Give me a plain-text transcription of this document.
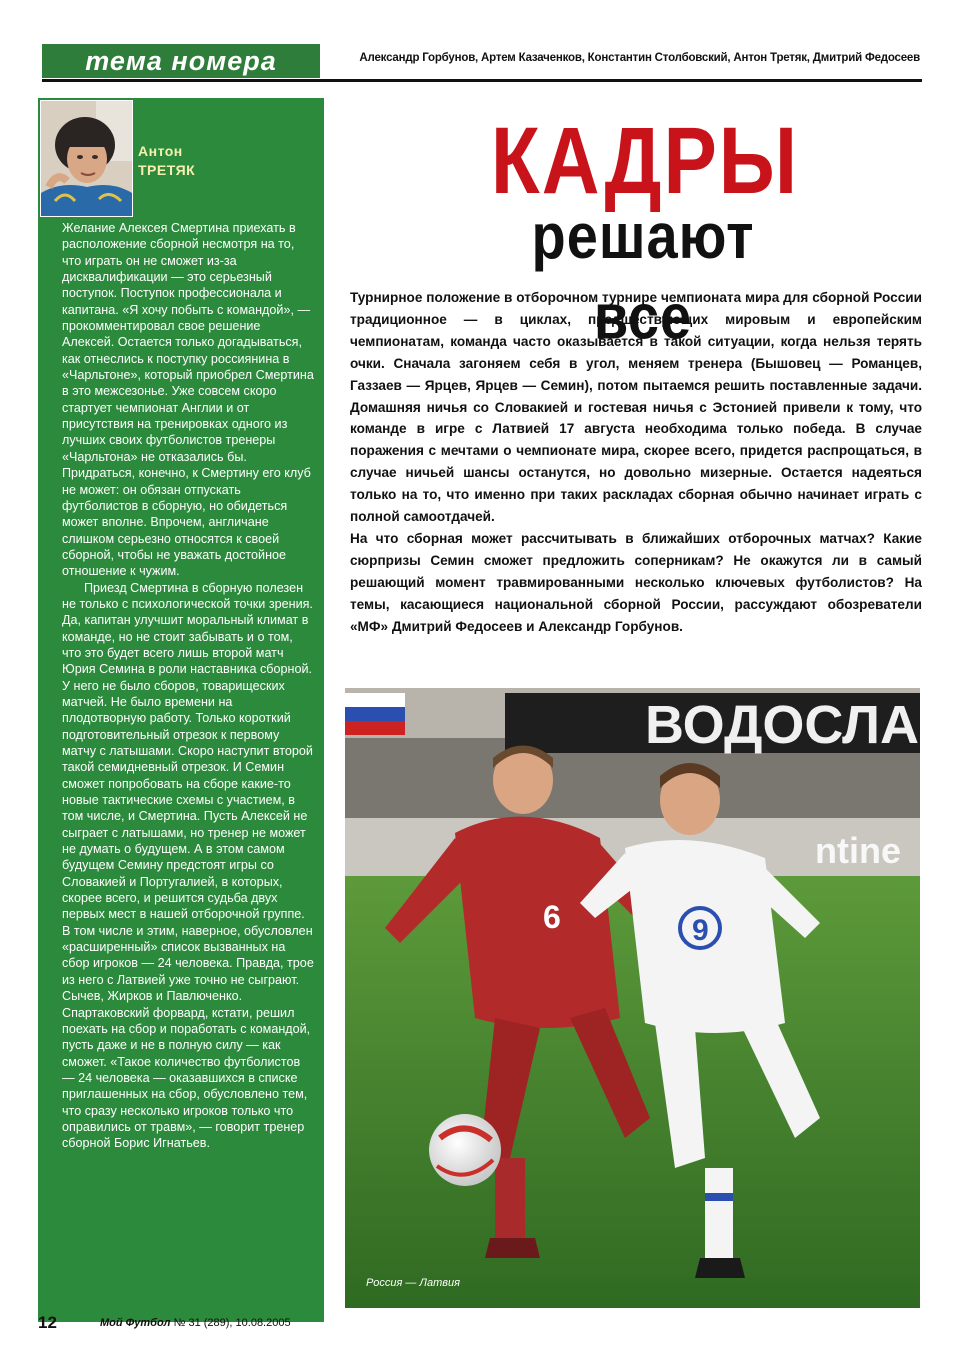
тема номера	Александр Горбунов, Артем Казаченков, Константин Столбовский, Антон Третяк, Дмитрий Федосеев
Антон
ТРЕТЯК

Желание Алексея Смертина приехать в расположение сборной несмотря на то, что играть он не сможет из-за дисквалификации — это серьезный поступок. Поступок профессионала и капитана. «Я хочу побыть с командой», — прокомментировал свое решение Алексей. Остается только догадываться, как отнеслись к поступку россиянина в «Чарльтоне», который приобрел Смертина в это межсезонье. Уже совсем скоро стартует чемпионат Англии и от присутствия на тренировках одного из лучших своих футболистов тренеры «Чарльтона» не отказались бы. Придраться, конечно, к Смертину его клуб не может: он обязан отпускать футболистов в сборную, но обидеться может вполне. Впрочем, англичане слишком серьезно относятся к своей сборной, чтобы не уважать достойное отношение к чужим.

Приезд Смертина в сборную полезен не только с психологической точки зрения. Да, капитан улучшит моральный климат в команде, но не стоит забывать и о том, что это будет всего лишь второй матч Юрия Семина в роли наставника сборной. У него не было сборов, товарищеских матчей. Не было времени на плодотворную работу. Только короткий подготовительный отрезок к первому матчу с латышами. Скоро наступит второй такой семидневный отрезок. И Семин сможет попробовать на сборе какие-то новые тактические схемы с участием, в том числе, и Смертина. Пусть Алексей не сыграет с латышами, но тренер не может не думать о будущем. А в этом самом будущем Семину предстоят игры со Словакией и Португалией, в которых, скорее всего, и решится судьба двух первых мест в нашей отборочной группе. В том числе и этим, наверное, обусловлен «расширенный» список вызванных на сбор игроков — 24 человека. Правда, трое из него с Латвией уже точно не сыграют. Сычев, Жирков и Павлюченко. Спартаковский форвард, кстати, решил поехать на сбор и поработать с командой, пусть даже и не в полную силу — как сможет. «Такое количество футболистов — 24 человека — оказавшихся в списке приглашенных на сбор, обусловлено тем, что сразу несколько игроков только что оправились от травм», — говорит тренер сборной Борис Игнатьев.

КАДРЫ
решают все

Турнирное положение в отборочном турнире чемпионата мира для сборной России традиционное — в циклах, предшествующих мировым и европейским чемпионатам, команда часто оказывается в такой ситуации, когда нельзя терять очки. Сначала загоняем себя в угол, меняем тренера (Бышовец — Романцев, Газзаев — Ярцев, Ярцев — Семин), потом пытаемся решить поставленные задачи. Домашняя ничья со Словакией и гостевая ничья с Эстонией привели к тому, что команде в игре с Латвией 17 августа необходима только победа. В случае поражения с мечтами о чемпионате мира, скорее всего, придется распрощаться, в случае ничьей шансы останутся, но довольно мизерные. Остается надеяться только на то, что именно при таких раскладах сборная обычно начинает играть с полной самоотдачей.

На что сборная может рассчитывать в ближайших отборочных матчах? Какие сюрпризы Семин сможет предложить соперникам? Не окажутся ли в самый решающий момент травмированными несколько ключевых футболистов? На темы, касающиеся национальной сборной России, рассуждают обозреватели «МФ» Дмитрий Федосеев и Александр Горбунов.

ВОДОСЛА
ntine
6	9
Россия — Латвия
12	Мой Футбол № 31 (289), 10.08.2005
